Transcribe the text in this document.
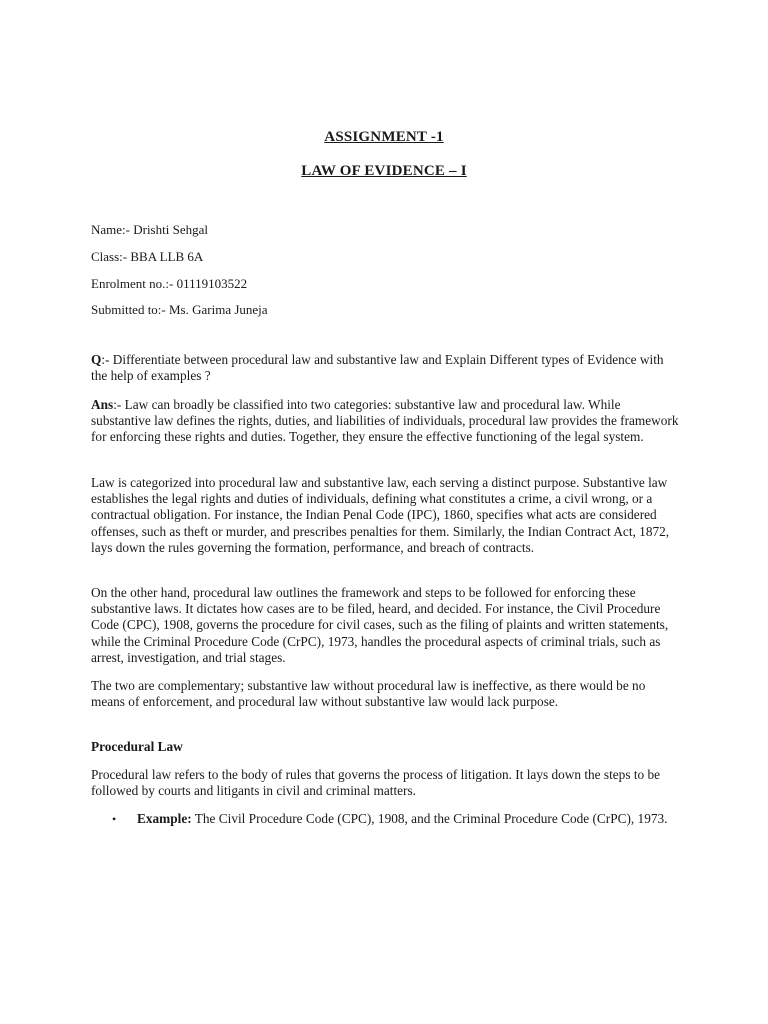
ASSIGNMENT -1
LAW OF EVIDENCE – I
Name:- Drishti Sehgal
Class:- BBA LLB 6A
Enrolment no.:- 01119103522
Submitted to:- Ms. Garima Juneja

Q:- Differentiate between procedural law and substantive law and Explain Different types of Evidence with the help of examples ?

Ans:- Law can broadly be classified into two categories: substantive law and procedural law. While substantive law defines the rights, duties, and liabilities of individuals, procedural law provides the framework for enforcing these rights and duties. Together, they ensure the effective functioning of the legal system.

Law is categorized into procedural law and substantive law, each serving a distinct purpose. Substantive law establishes the legal rights and duties of individuals, defining what constitutes a crime, a civil wrong, or a contractual obligation. For instance, the Indian Penal Code (IPC), 1860, specifies what acts are considered offenses, such as theft or murder, and prescribes penalties for them. Similarly, the Indian Contract Act, 1872, lays down the rules governing the formation, performance, and breach of contracts.

On the other hand, procedural law outlines the framework and steps to be followed for enforcing these substantive laws. It dictates how cases are to be filed, heard, and decided. For instance, the Civil Procedure Code (CPC), 1908, governs the procedure for civil cases, such as the filing of plaints and written statements, while the Criminal Procedure Code (CrPC), 1973, handles the procedural aspects of criminal trials, such as arrest, investigation, and trial stages.

The two are complementary; substantive law without procedural law is ineffective, as there would be no means of enforcement, and procedural law without substantive law would lack purpose.

Procedural Law

Procedural law refers to the body of rules that governs the process of litigation. It lays down the steps to be followed by courts and litigants in civil and criminal matters.

• Example: The Civil Procedure Code (CPC), 1908, and the Criminal Procedure Code (CrPC), 1973.
